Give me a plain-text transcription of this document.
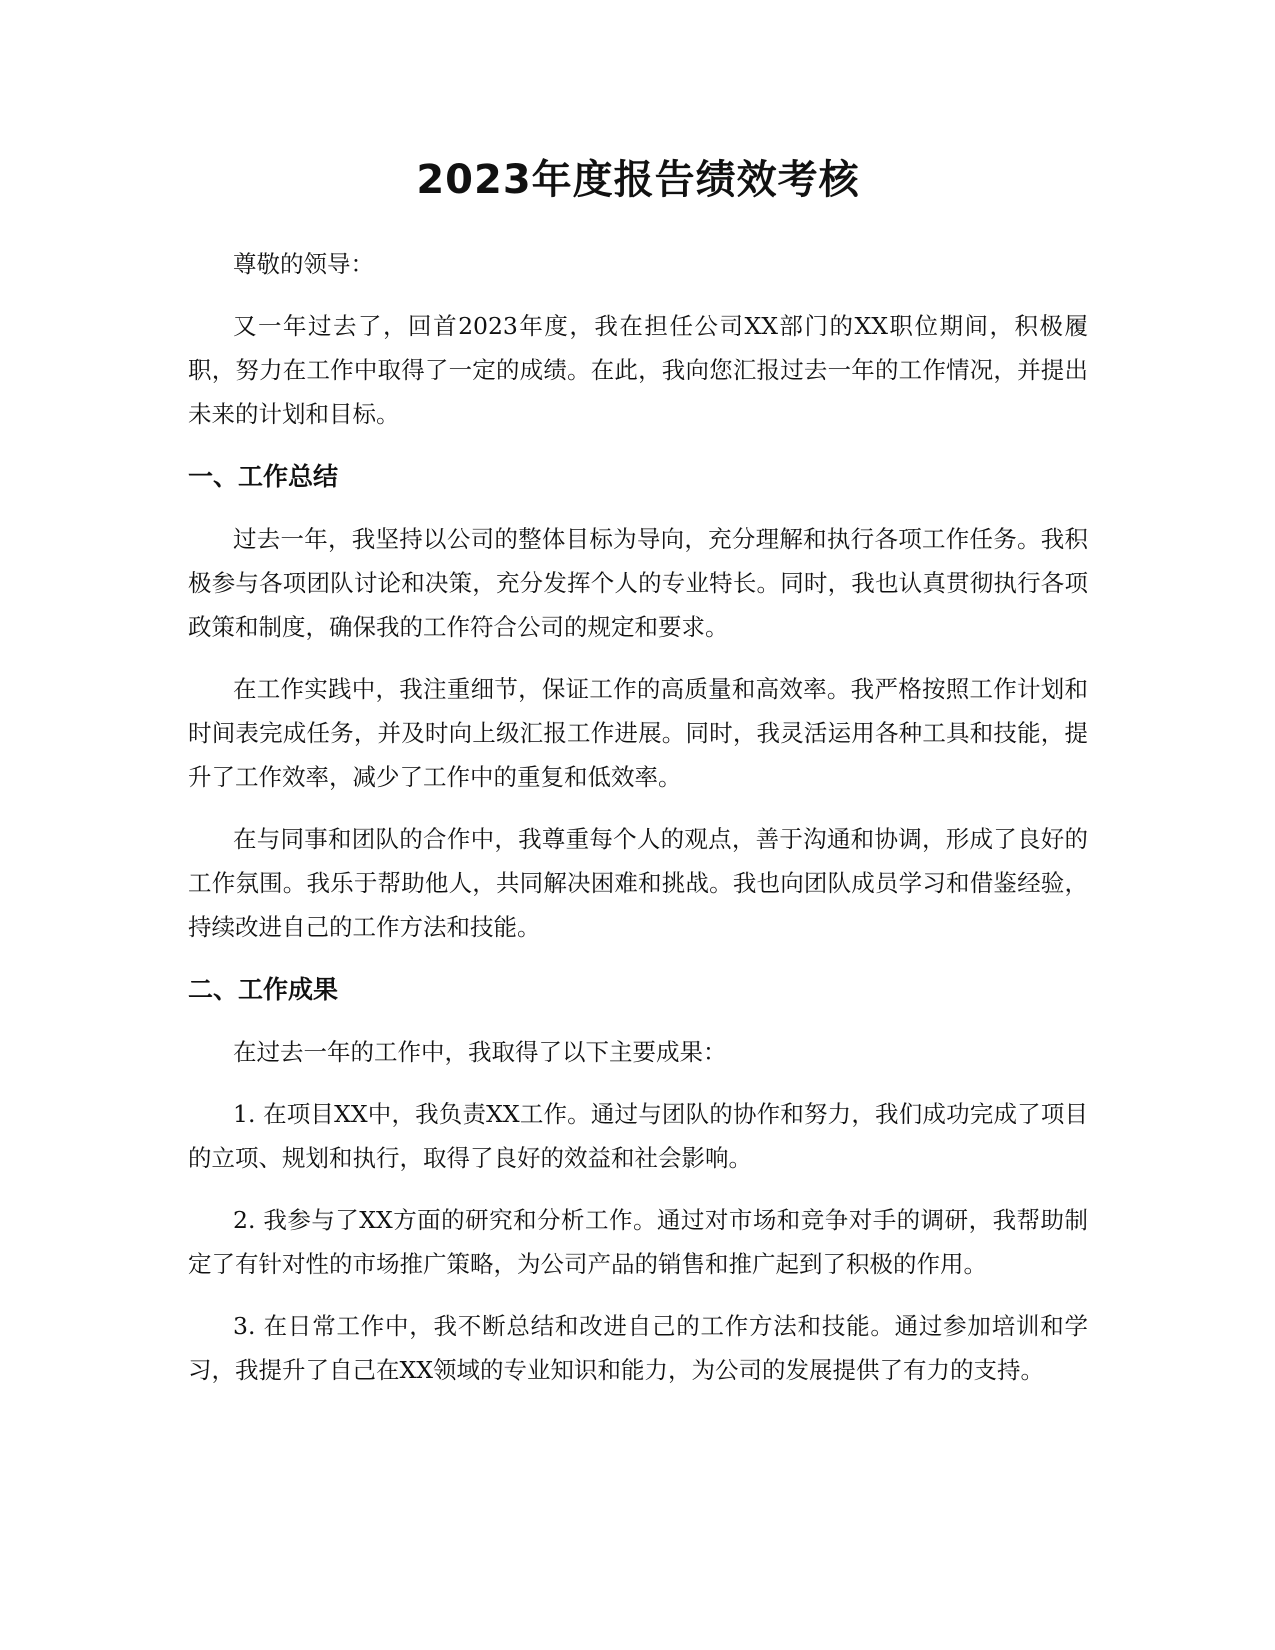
2023年度报告绩效考核

尊敬的领导：

又一年过去了，回首2023年度，我在担任公司XX部门的XX职位期间，积极履职，努力在工作中取得了一定的成绩。在此，我向您汇报过去一年的工作情况，并提出未来的计划和目标。

一、工作总结

过去一年，我坚持以公司的整体目标为导向，充分理解和执行各项工作任务。我积极参与各项团队讨论和决策，充分发挥个人的专业特长。同时，我也认真贯彻执行各项政策和制度，确保我的工作符合公司的规定和要求。

在工作实践中，我注重细节，保证工作的高质量和高效率。我严格按照工作计划和时间表完成任务，并及时向上级汇报工作进展。同时，我灵活运用各种工具和技能，提升了工作效率，减少了工作中的重复和低效率。

在与同事和团队的合作中，我尊重每个人的观点，善于沟通和协调，形成了良好的工作氛围。我乐于帮助他人，共同解决困难和挑战。我也向团队成员学习和借鉴经验，持续改进自己的工作方法和技能。

二、工作成果

在过去一年的工作中，我取得了以下主要成果：

1. 在项目XX中，我负责XX工作。通过与团队的协作和努力，我们成功完成了项目的立项、规划和执行，取得了良好的效益和社会影响。

2. 我参与了XX方面的研究和分析工作。通过对市场和竞争对手的调研，我帮助制定了有针对性的市场推广策略，为公司产品的销售和推广起到了积极的作用。

3. 在日常工作中，我不断总结和改进自己的工作方法和技能。通过参加培训和学习，我提升了自己在XX领域的专业知识和能力，为公司的发展提供了有力的支持。
